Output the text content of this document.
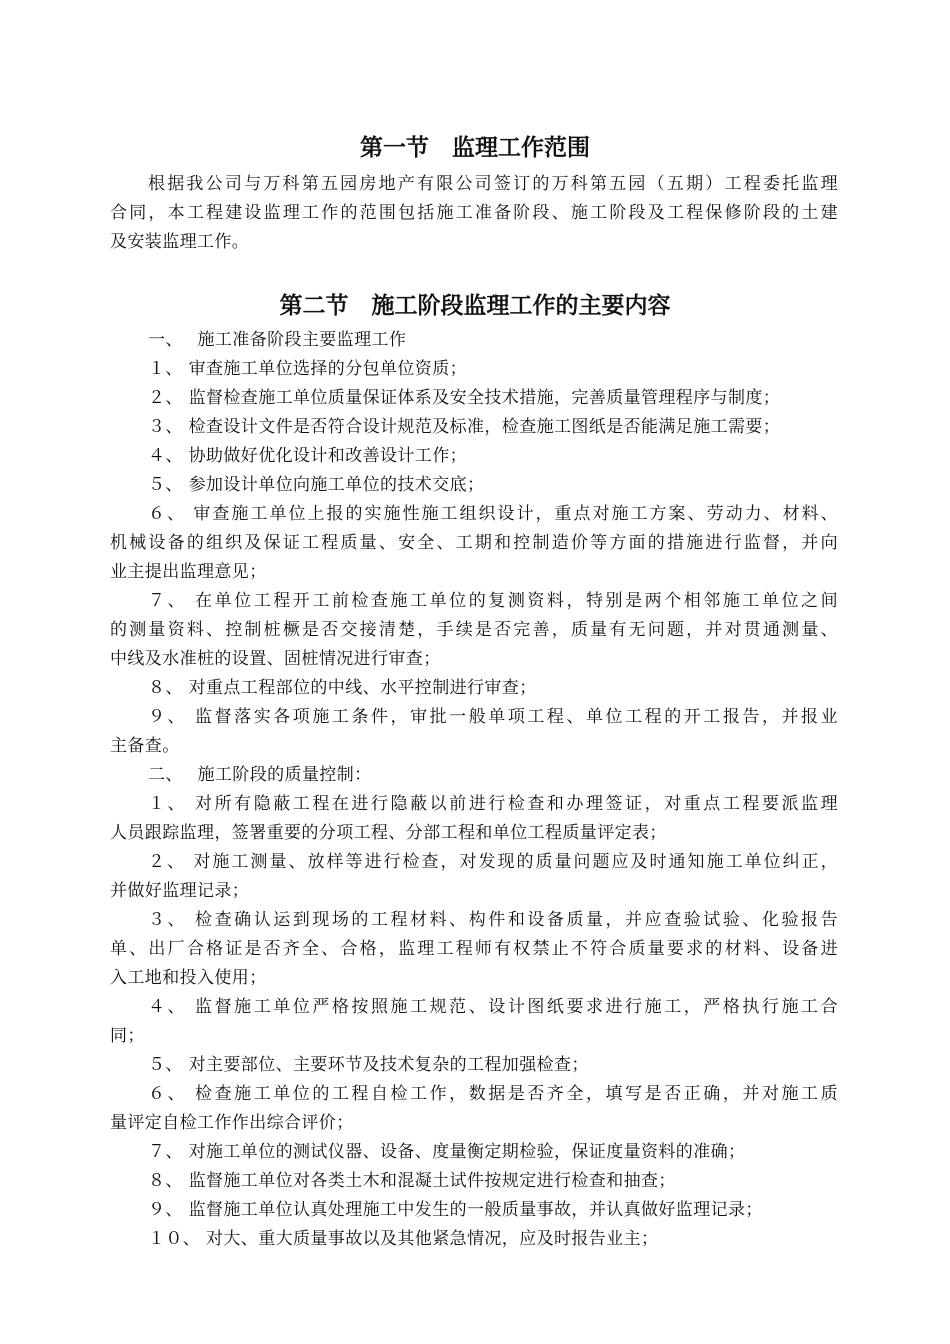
第一节　监理工作范围

根据我公司与万科第五园房地产有限公司签订的万科第五园（五期）工程委托监理

合同，本工程建设监理工作的范围包括施工准备阶段、施工阶段及工程保修阶段的土建

及安装监理工作。

第二节　施工阶段监理工作的主要内容

一、　 施工准备阶段主要监理工作

１、 审查施工单位选择的分包单位资质；

２、 监督检查施工单位质量保证体系及安全技术措施，完善质量管理程序与制度；

３、 检查设计文件是否符合设计规范及标准，检查施工图纸是否能满足施工需要；

４、 协助做好优化设计和改善设计工作；

５、 参加设计单位向施工单位的技术交底；

６、 审查施工单位上报的实施性施工组织设计，重点对施工方案、劳动力、材料、

机械设备的组织及保证工程质量、安全、工期和控制造价等方面的措施进行监督，并向

业主提出监理意见；

７、 在单位工程开工前检查施工单位的复测资料，特别是两个相邻施工单位之间

的测量资料、控制桩橛是否交接清楚，手续是否完善，质量有无问题，并对贯通测量、

中线及水准桩的设置、固桩情况进行审查；

８、 对重点工程部位的中线、水平控制进行审查；

９、 监督落实各项施工条件，审批一般单项工程、单位工程的开工报告，并报业

主备查。

二、　 施工阶段的质量控制：

１、 对所有隐蔽工程在进行隐蔽以前进行检查和办理签证，对重点工程要派监理

人员跟踪监理，签署重要的分项工程、分部工程和单位工程质量评定表；

２、 对施工测量、放样等进行检查，对发现的质量问题应及时通知施工单位纠正，

并做好监理记录；

３、 检查确认运到现场的工程材料、构件和设备质量，并应查验试验、化验报告

单、出厂合格证是否齐全、合格，监理工程师有权禁止不符合质量要求的材料、设备进

入工地和投入使用；

４、 监督施工单位严格按照施工规范、设计图纸要求进行施工，严格执行施工合

同；

５、 对主要部位、主要环节及技术复杂的工程加强检查；

６、 检查施工单位的工程自检工作，数据是否齐全，填写是否正确，并对施工质

量评定自检工作作出综合评价；

７、 对施工单位的测试仪器、设备、度量衡定期检验，保证度量资料的准确；

８、 监督施工单位对各类土木和混凝土试件按规定进行检查和抽查；

９、 监督施工单位认真处理施工中发生的一般质量事故，并认真做好监理记录；

１０、 对大、重大质量事故以及其他紧急情况，应及时报告业主；
